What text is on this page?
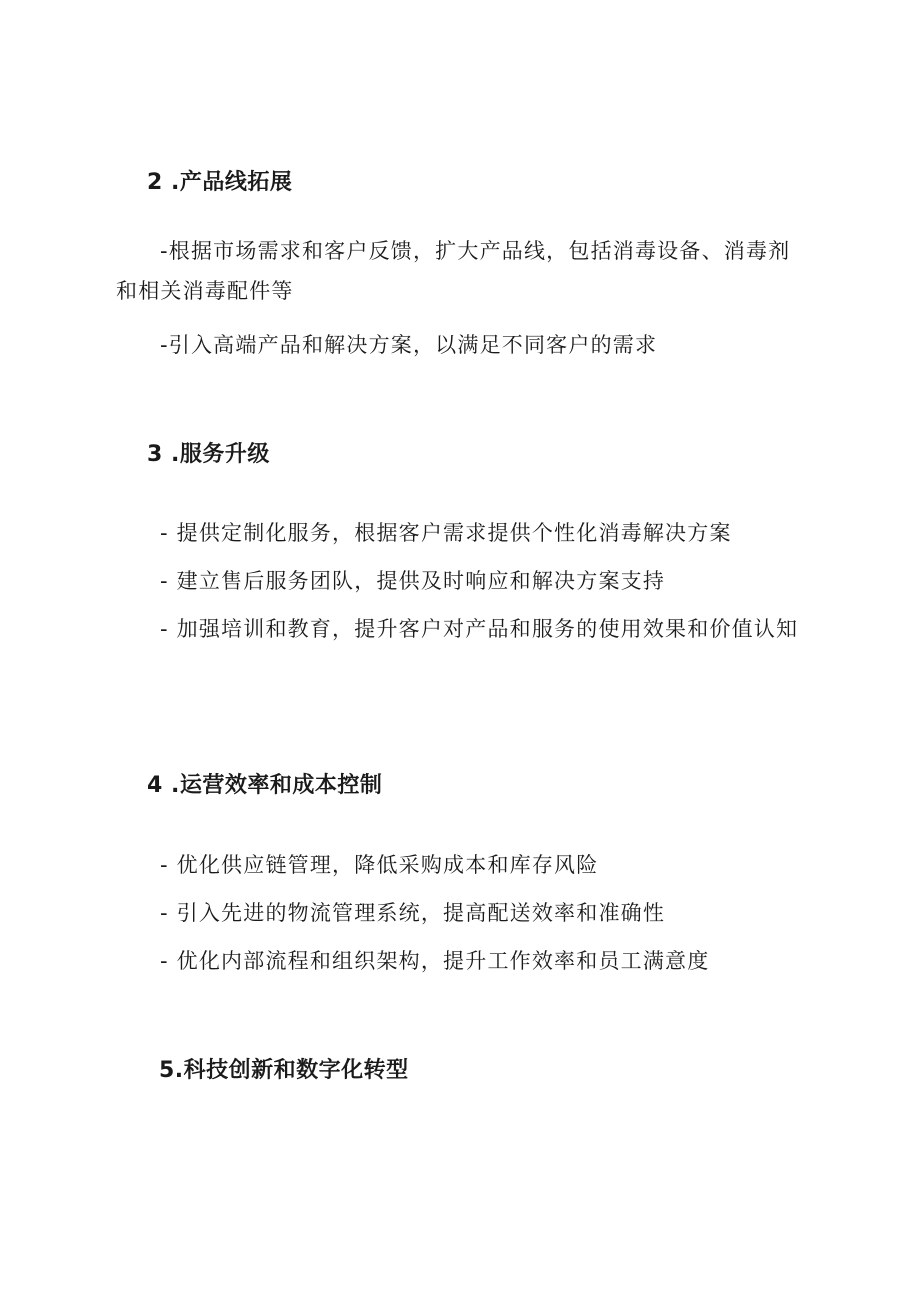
2 .产品线拓展
-根据市场需求和客户反馈，扩大产品线，包括消毒设备、消毒剂和相关消毒配件等
-引入高端产品和解决方案，以满足不同客户的需求
3 .服务升级
- 提供定制化服务，根据客户需求提供个性化消毒解决方案
- 建立售后服务团队，提供及时响应和解决方案支持
- 加强培训和教育，提升客户对产品和服务的使用效果和价值认知
4 .运营效率和成本控制
- 优化供应链管理，降低采购成本和库存风险
- 引入先进的物流管理系统，提高配送效率和准确性
- 优化内部流程和组织架构，提升工作效率和员工满意度
5.科技创新和数字化转型
